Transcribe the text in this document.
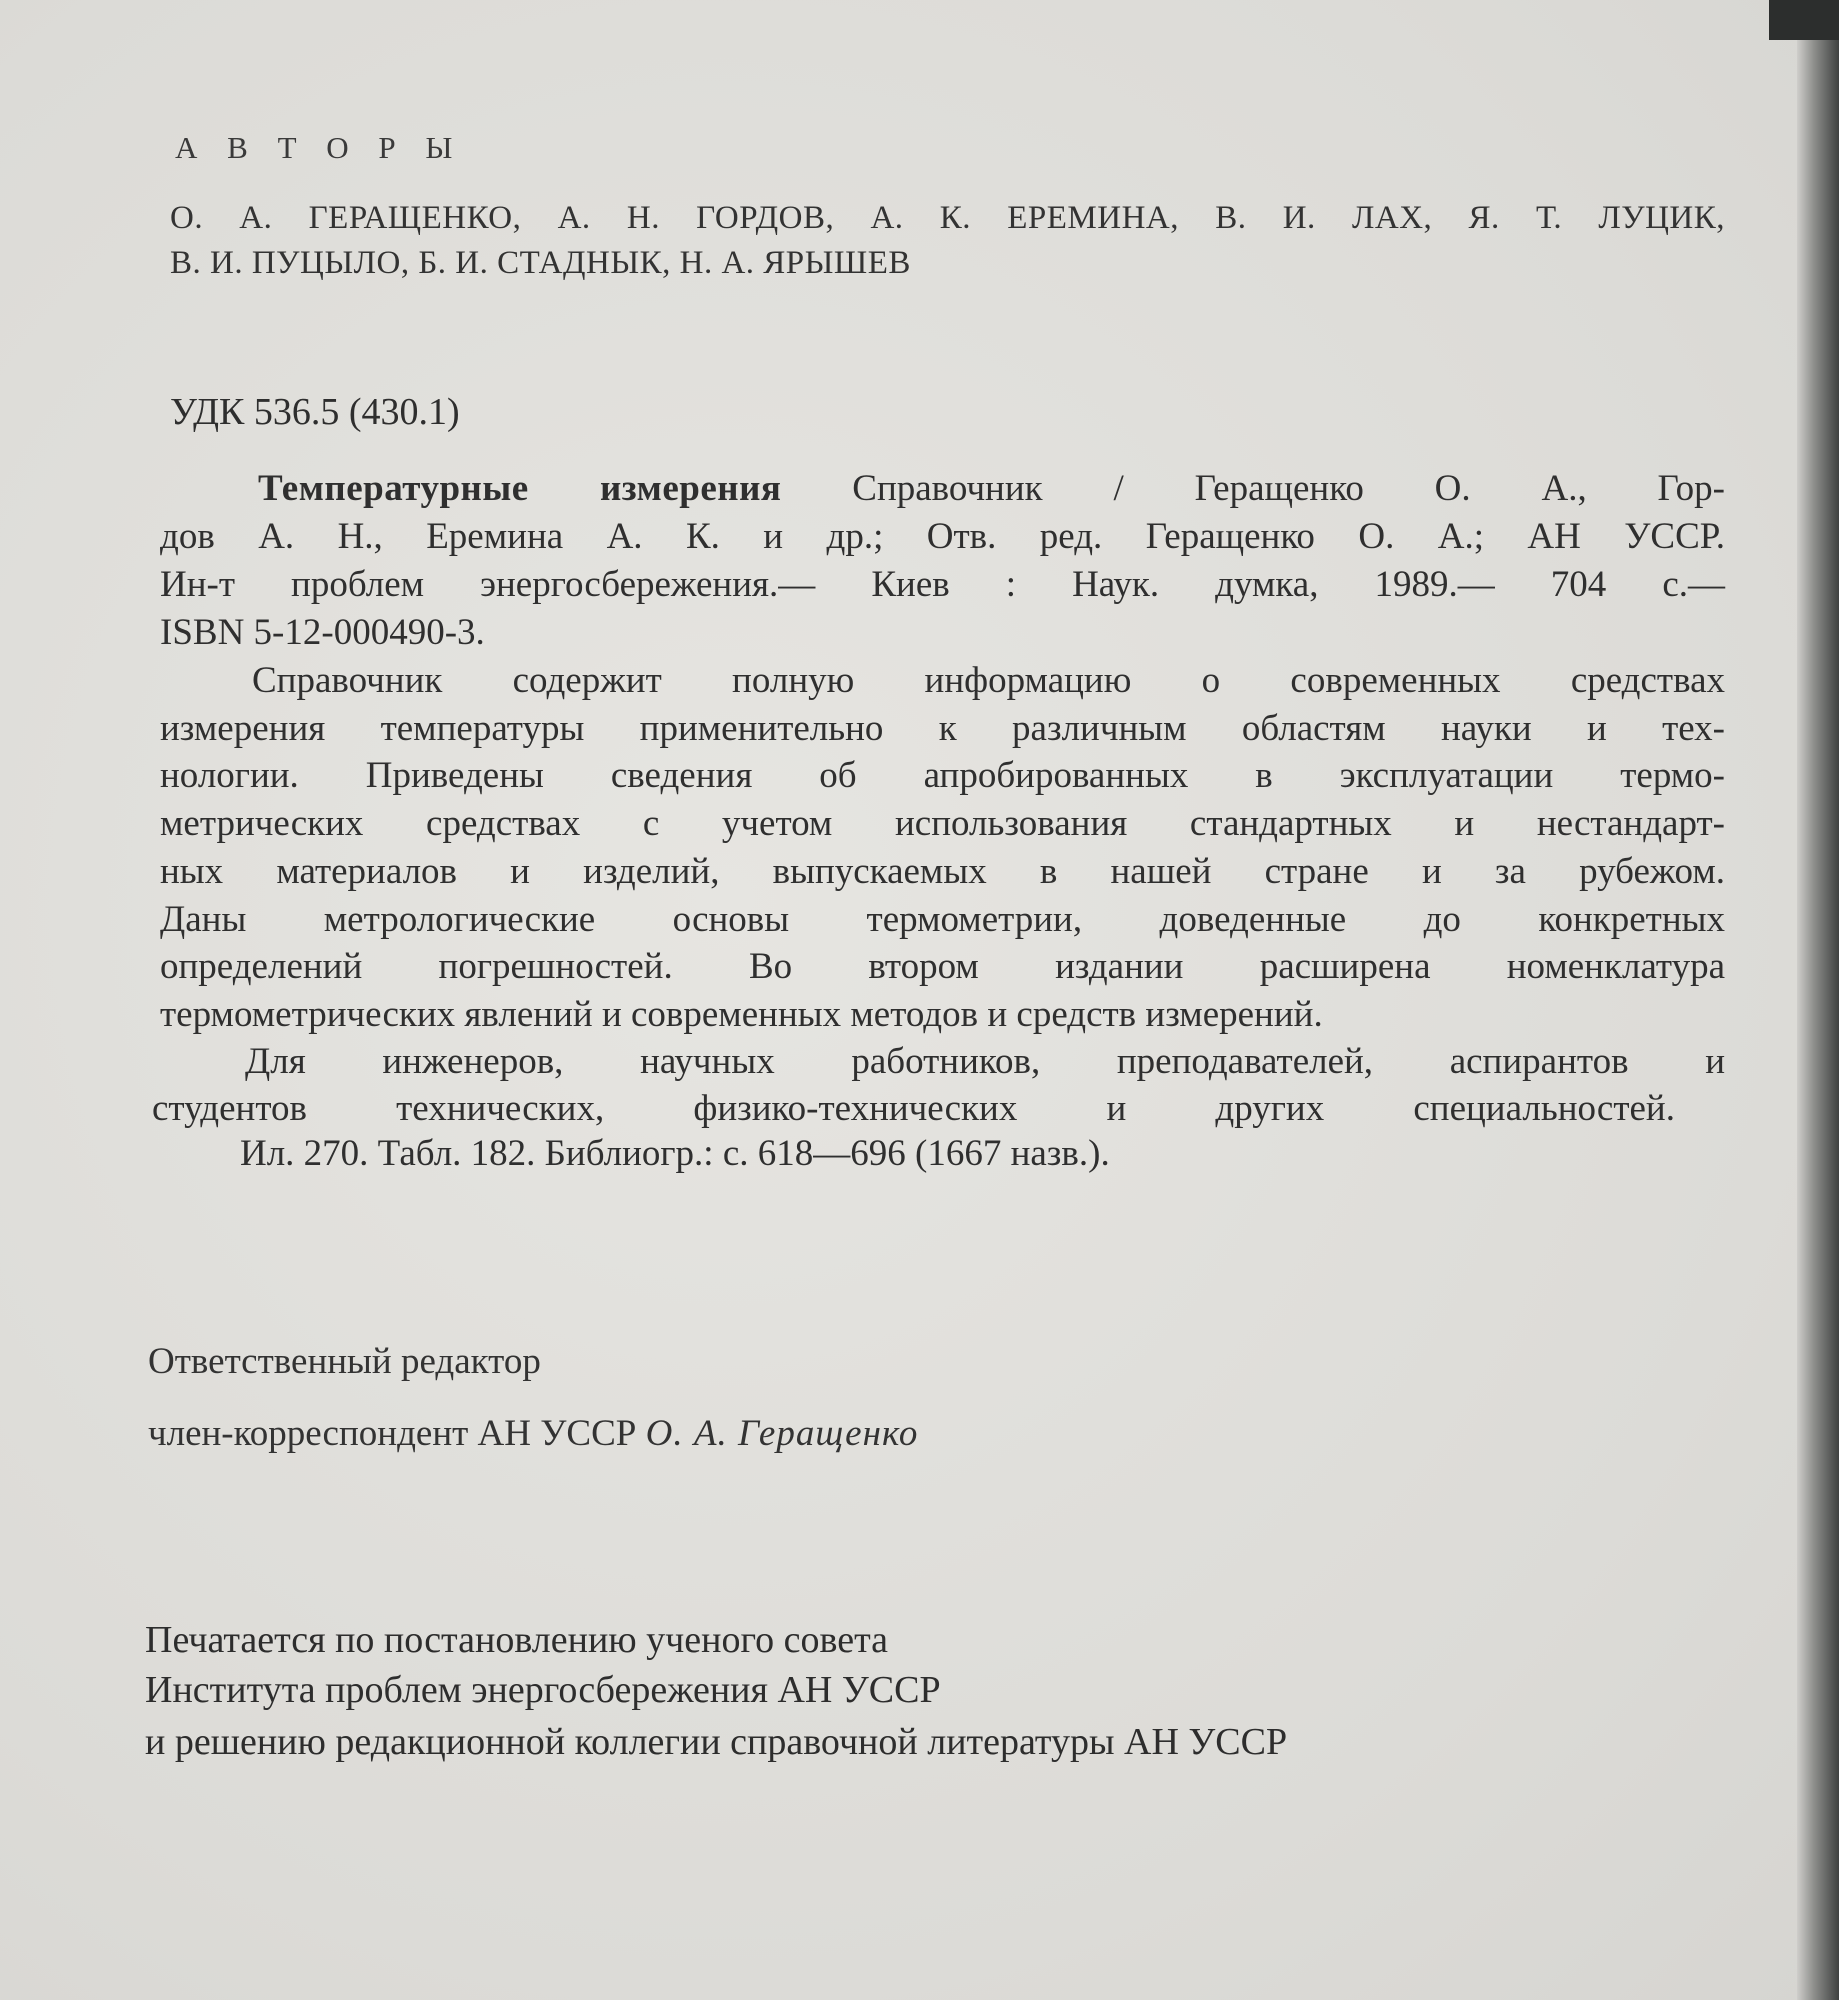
А В Т О Р Ы

О. А. ГЕРАЩЕНКО, А. Н. ГОРДОВ, А. К. ЕРЕМИНА, В. И. ЛАХ, Я. Т. ЛУЦИК,

В. И. ПУЦЫЛО, Б. И. СТАДНЫК, Н. А. ЯРЫШЕВ

УДК 536.5 (430.1)

Температурные измерения Справочник / Геращенко О. А., Гор-

дов А. Н., Еремина А. К. и др.; Отв. ред. Геращенко О. А.; АН УССР.

Ин-т проблем энергосбережения.— Киев : Наук. думка, 1989.— 704 с.—

ISBN 5-12-000490-3.

Справочник содержит полную информацию о современных средствах

измерения температуры применительно к различным областям науки и тех-

нологии. Приведены сведения об апробированных в эксплуатации термо-

метрических средствах с учетом использования стандартных и нестандарт-

ных материалов и изделий, выпускаемых в нашей стране и за рубежом.

Даны метрологические основы термометрии, доведенные до конкретных

определений погрешностей. Во втором издании расширена номенклатура

термометрических явлений и современных методов и средств измерений.

Для инженеров, научных работников, преподавателей, аспирантов и

студентов технических, физико-технических и других специальностей.

Ил. 270. Табл. 182. Библиогр.: с. 618—696 (1667 назв.).

Ответственный редактор

член-корреспондент АН УССР О. А. Геращенко

Печатается по постановлению ученого совета

Института проблем энергосбережения АН УССР

и решению редакционной коллегии справочной литературы АН УССР
